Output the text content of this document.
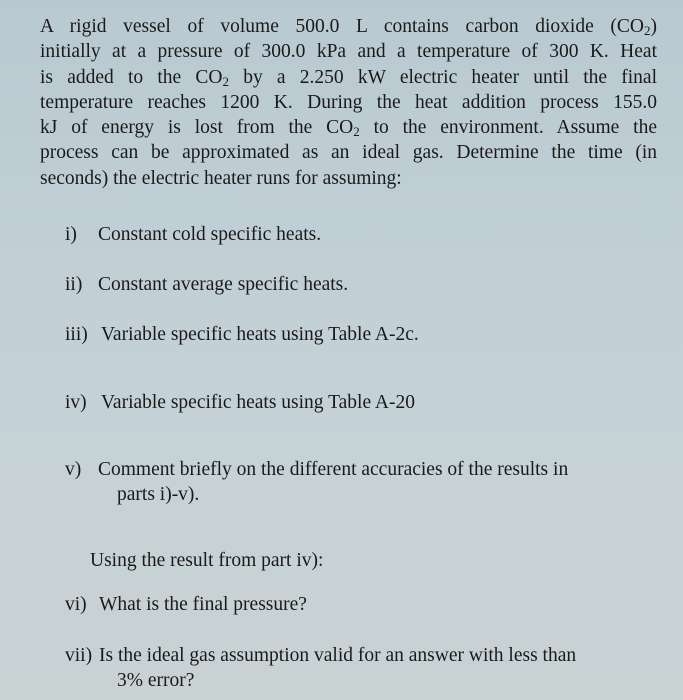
A rigid vessel of volume 500.0 L contains carbon dioxide $(CO_2)$
initially at a pressure of 300.0 kPa and a temperature of 300 K. Heat
is added to the $CO_2$ by a 2.250 kW electric heater until the final
temperature reaches 1200 K. During the heat addition process 155.0
kJ of energy is lost from the $CO_2$ to the environment. Assume the
process can be approximated as an ideal gas. Determine the time (in
seconds) the electric heater runs for assuming:
i) Constant cold specific heats.
ii) Constant average specific heats.
iii) Variable specific heats using Table A-2c.
iv) Variable specific heats using Table A-20
v) Comment briefly on the different accuracies of the results in
parts i)-v).
Using the result from part iv):
vi) What is the final pressure?
vii) Is the ideal gas assumption valid for an answer with less than
3% error?
